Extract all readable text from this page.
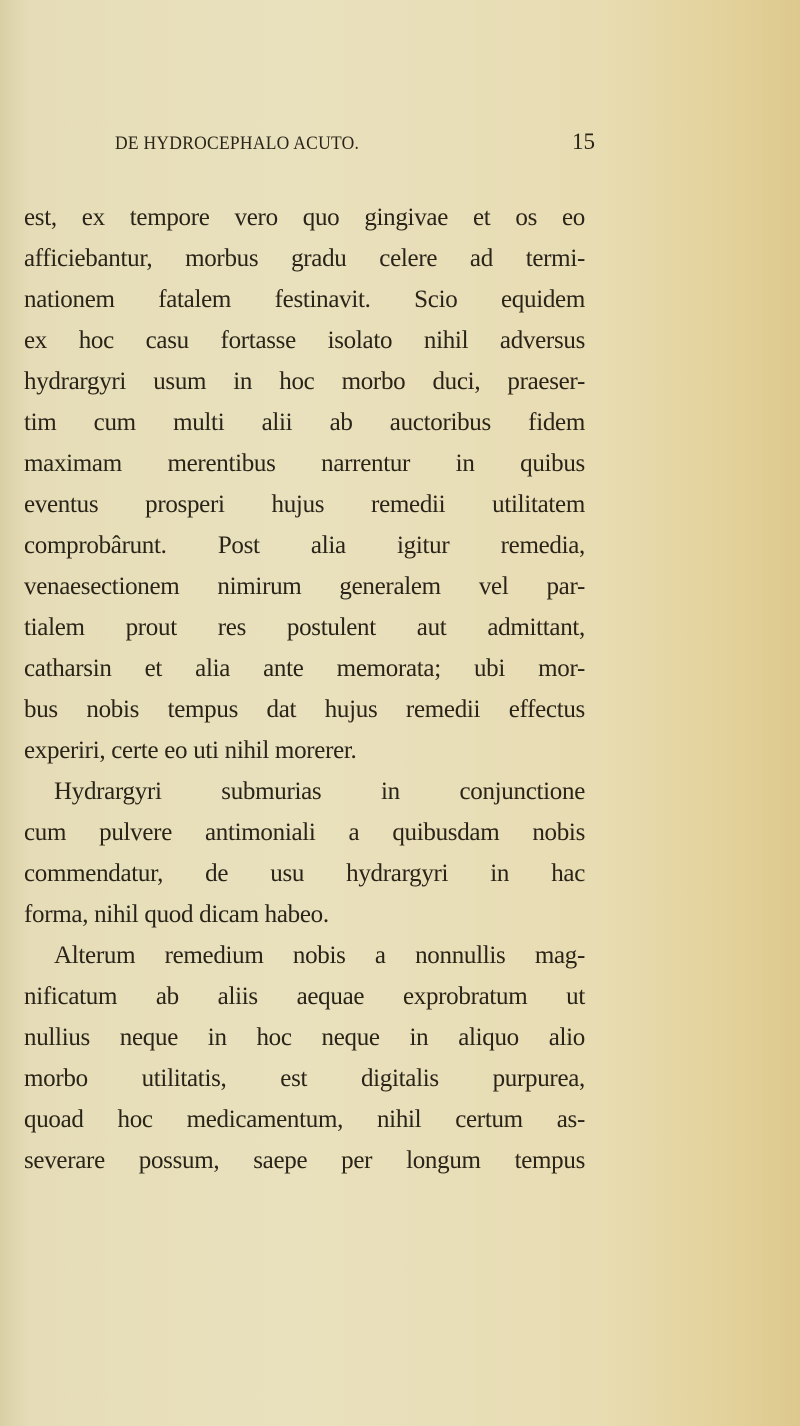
DE HYDROCEPHALO ACUTO.	15
est, ex tempore vero quo gingivae et os eo
afficiebantur, morbus gradu celere ad termi-
nationem fatalem festinavit. Scio equidem
ex hoc casu fortasse isolato nihil adversus
hydrargyri usum in hoc morbo duci, praeser-
tim cum multi alii ab auctoribus fidem
maximam merentibus narrentur in quibus
eventus prosperi hujus remedii utilitatem
comprobârunt. Post alia igitur remedia,
venaesectionem nimirum generalem vel par-
tialem prout res postulent aut admittant,
catharsin et alia ante memorata; ubi mor-
bus nobis tempus dat hujus remedii effectus
experiri, certe eo uti nihil morerer.
Hydrargyri submurias in conjunctione
cum pulvere antimoniali a quibusdam nobis
commendatur, de usu hydrargyri in hac
forma, nihil quod dicam habeo.
Alterum remedium nobis a nonnullis mag-
nificatum ab aliis aequae exprobratum ut
nullius neque in hoc neque in aliquo alio
morbo utilitatis, est digitalis purpurea,
quoad hoc medicamentum, nihil certum as-
severare possum, saepe per longum tempus
